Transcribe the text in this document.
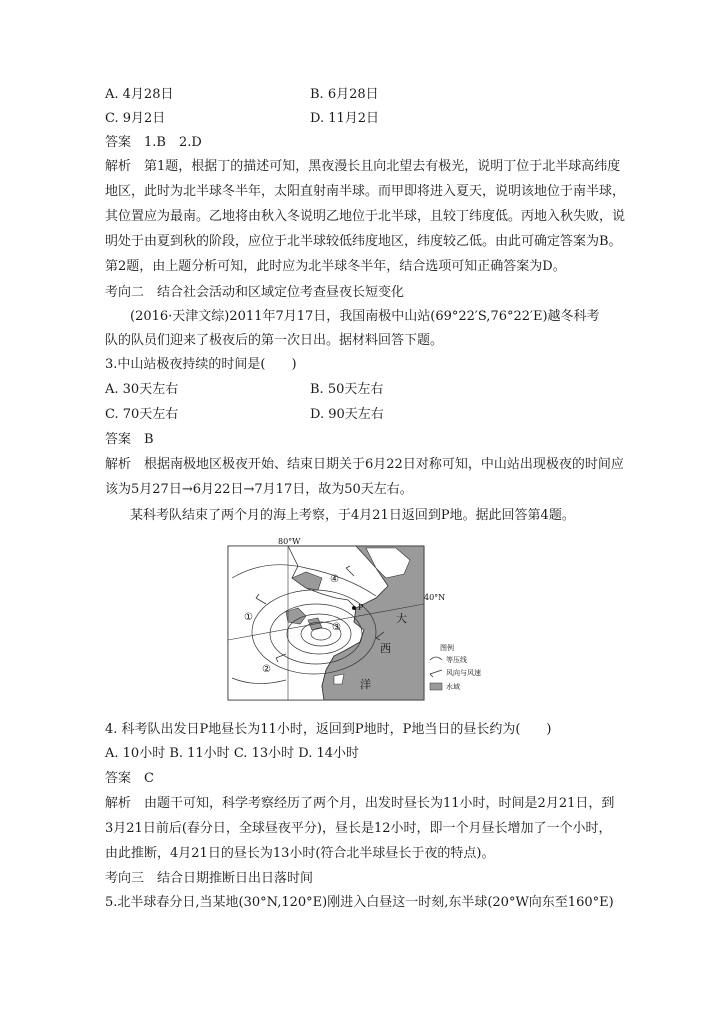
A. 4月28日	B. 6月28日
C. 9月2日	D. 11月2日
答案　1.B　2.D
解析　第1题，根据丁的描述可知，黑夜漫长且向北望去有极光，说明丁位于北半球高纬度
地区，此时为北半球冬半年，太阳直射南半球。而甲即将进入夏天，说明该地位于南半球，
其位置应为最南。乙地将由秋入冬说明乙地位于北半球，且较丁纬度低。丙地入秋失败，说
明处于由夏到秋的阶段，应位于北半球较低纬度地区，纬度较乙低。由此可确定答案为B。
第2题，由上题分析可知，此时应为北半球冬半年，结合选项可知正确答案为D。
考向二　结合社会活动和区域定位考查昼夜长短变化
(2016·天津文综)2011年7月17日，我国南极中山站(69°22′S,76°22′E)越冬科考
队的队员们迎来了极夜后的第一次日出。据材料回答下题。
3.中山站极夜持续的时间是(　　)
A. 30天左右	B. 50天左右
C. 70天左右	D. 90天左右
答案　B
解析　根据南极地区极夜开始、结束日期关于6月22日对称可知，中山站出现极夜的时间应
该为5月27日→6月22日→7月17日，故为50天左右。
某科考队结束了两个月的海上考察，于4月21日返回到P地。据此回答第4题。
80°W
40°N
P
①
②
③
④
大
西
洋
图例
等压线
风向与风速
水域
4. 科考队出发日P地昼长为11小时，返回到P地时，P地当日的昼长约为(　　)
A. 10小时 B. 11小时 C. 13小时 D. 14小时
答案　C
解析　由题干可知，科学考察经历了两个月，出发时昼长为11小时，时间是2月21日，到
3月21日前后(春分日，全球昼夜平分)，昼长是12小时，即一个月昼长增加了一个小时，
由此推断，4月21日的昼长为13小时(符合北半球昼长于夜的特点)。
考向三　结合日期推断日出日落时间
5.北半球春分日,当某地(30°N,120°E)刚进入白昼这一时刻,东半球(20°W向东至160°E)
